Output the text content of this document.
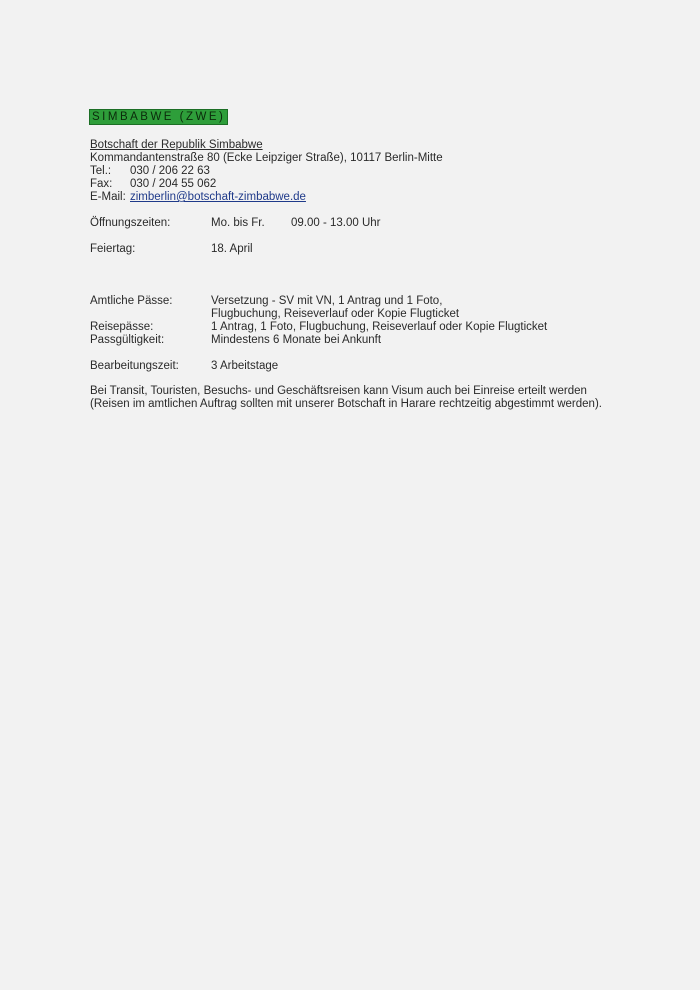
SIMBABWE (ZWE)
Botschaft der Republik Simbabwe
Kommandantenstraße 80 (Ecke Leipziger Straße), 10117 Berlin-Mitte
Tel.: 030 / 206 22 63
Fax: 030 / 204 55 062
E-Mail: zimberlin@botschaft-zimbabwe.de
Öffnungszeiten:	Mo. bis Fr. 09.00 - 13.00 Uhr
Feiertag:	18. April
Amtliche Pässe:	Versetzung - SV mit VN, 1 Antrag und 1 Foto,
Flugbuchung, Reiseverlauf oder Kopie Flugticket
Reisepässe:	1 Antrag, 1 Foto, Flugbuchung, Reiseverlauf oder Kopie Flugticket
Passgültigkeit:	Mindestens 6 Monate bei Ankunft
Bearbeitungszeit:	3 Arbeitstage
Bei Transit, Touristen, Besuchs- und Geschäftsreisen kann Visum auch bei Einreise erteilt werden
(Reisen im amtlichen Auftrag sollten mit unserer Botschaft in Harare rechtzeitig abgestimmt werden).
